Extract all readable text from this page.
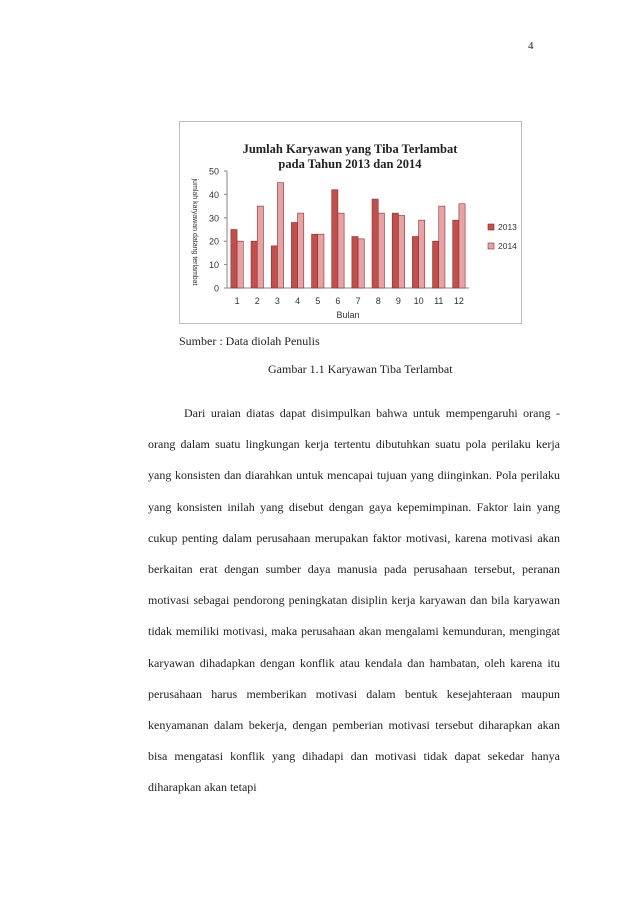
4
Jumlah Karyawan yang Tiba Terlambat
pada Tahun 2013 dan 2014
jumlah karyawan datang terlambat
0
10
20
30
40
50
1 2 3 4 5 6 7 8 9 10 11 12
Bulan
2013
2014
Sumber : Data diolah Penulis
Gambar 1.1 Karyawan Tiba Terlambat

Dari uraian diatas dapat disimpulkan bahwa untuk mempengaruhi orang - orang dalam suatu lingkungan kerja tertentu dibutuhkan suatu pola perilaku kerja yang konsisten dan diarahkan untuk mencapai tujuan yang diinginkan. Pola perilaku yang konsisten inilah yang disebut dengan gaya kepemimpinan. Faktor lain yang cukup penting dalam perusahaan merupakan faktor motivasi, karena motivasi akan berkaitan erat dengan sumber daya manusia pada perusahaan tersebut, peranan motivasi sebagai pendorong peningkatan disiplin kerja karyawan dan bila karyawan tidak memiliki motivasi, maka perusahaan akan mengalami kemunduran, mengingat karyawan dihadapkan dengan konflik atau kendala dan hambatan, oleh karena itu perusahaan harus memberikan motivasi dalam bentuk kesejahteraan maupun kenyamanan dalam bekerja, dengan pemberian motivasi tersebut diharapkan akan bisa mengatasi konflik yang dihadapi dan motivasi tidak dapat sekedar hanya diharapkan akan tetapi
